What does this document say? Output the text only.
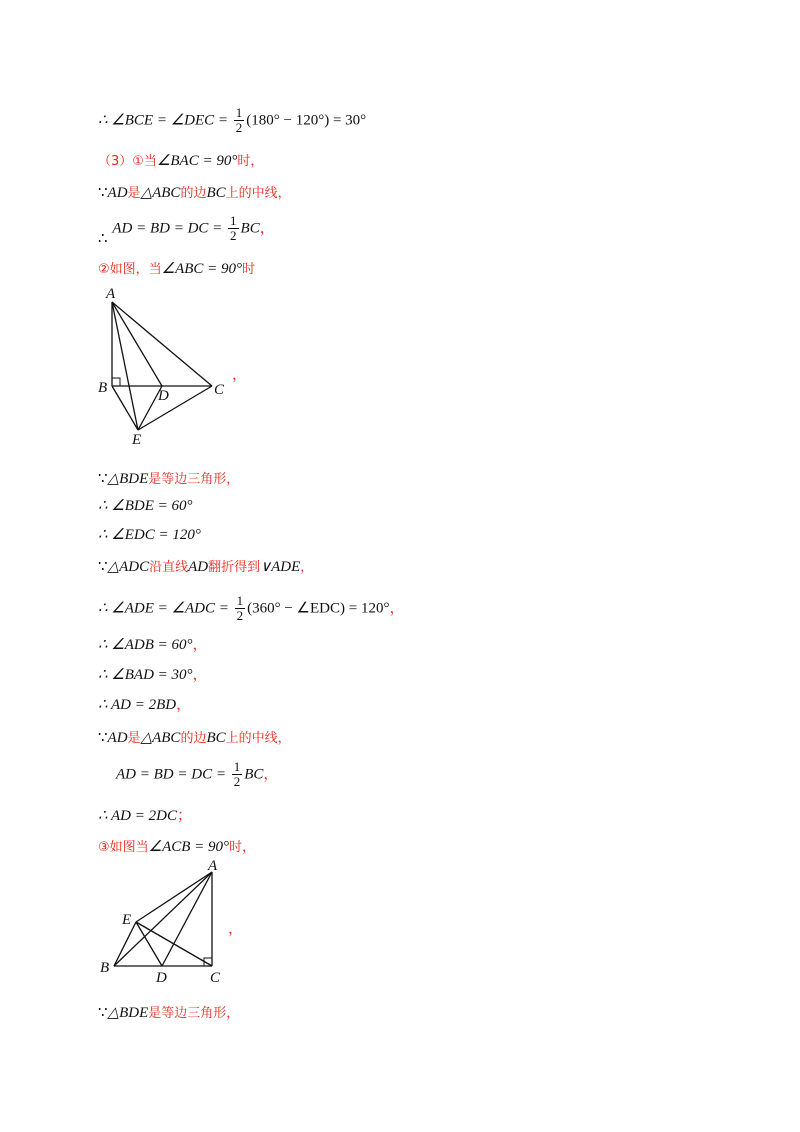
∴ ∠BCE = ∠DEC = $\frac{1}{2} (180^\circ - 120^\circ) = 30^\circ$
（3）①当∠BAC = 90°时，
∵AD是△ABC的边BC上的中线，
∴ AD = BD = DC = $\frac{1}{2}$ BC，
②如图，当∠ABC = 90°时
A
B	C
D
E
，
∵△BDE是等边三角形，
∴ ∠BDE = 60°
∴ ∠EDC = 120°
∵△ADC沿直线AD翻折得到∨ADE，
∴ ∠ADE = ∠ADC = $\frac{1}{2} (360^\circ$ − ∠EDC) = 120°，
∴ ∠ADB = 60°，
∴ ∠BAD = 30°，
∴ AD = 2BD，
∵AD是△ABC的边BC上的中线，
AD = BD = DC = $\frac{1}{2}$ BC，
∴ AD = 2DC；
③如图当∠ACB = 90°时，
A
B
C
D
E	，
∵△BDE是等边三角形，
